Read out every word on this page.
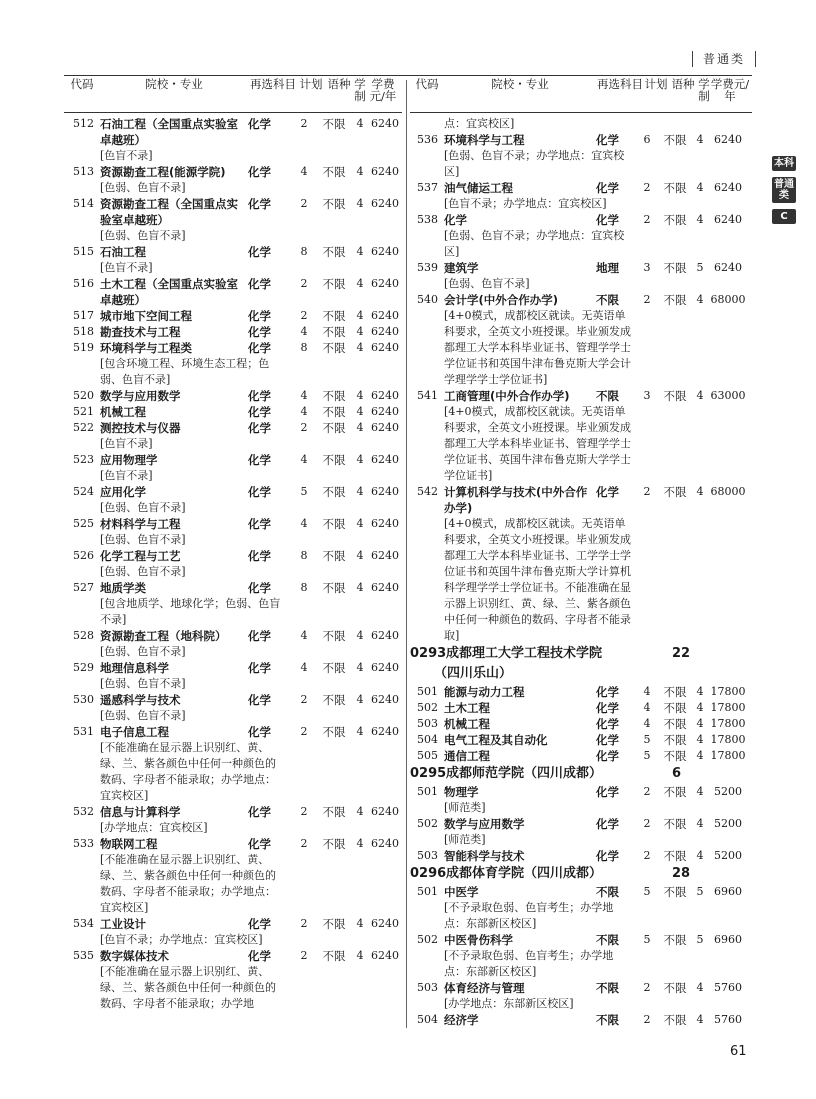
普通类
代码	院校・专业	再选科目 计划 语种 学制
学费元/年
512 石油工程（全国重点实验室卓越班）
化学	2	不限	4 6240
[色盲不录]
513 资源勘查工程(能源学院)	化学	4	不限	4 6240
[色弱、色盲不录]
514 资源勘查工程（全国重点实验室卓越班）
化学	2	不限	4 6240
[色弱、色盲不录]
515 石油工程	化学	8	不限	4 6240
[色盲不录]
516 土木工程（全国重点实验室卓越班）
化学	2	不限	4 6240
517 城市地下空间工程	化学	2	不限	4 6240
518 勘查技术与工程	化学	4	不限	4 6240
519 环境科学与工程类	化学	8	不限	4 6240
[包含环境工程、环境生态工程；色弱、色盲不录]
520 数学与应用数学	化学	4	不限	4 6240
521 机械工程	化学	4	不限	4 6240
522 测控技术与仪器	化学	2	不限	4 6240
[色盲不录]
523 应用物理学	化学	4	不限	4 6240
[色盲不录]
524 应用化学	化学	5	不限	4 6240
[色弱、色盲不录]
525 材料科学与工程	化学	4	不限	4 6240
[色弱、色盲不录]
526 化学工程与工艺	化学	8	不限	4 6240
[色弱、色盲不录]
527 地质学类	化学	8	不限	4 6240
[包含地质学、地球化学；色弱、色盲不录]
528 资源勘查工程（地科院）	化学	4	不限	4 6240
[色弱、色盲不录]
529 地理信息科学	化学	4	不限	4 6240
[色弱、色盲不录]
530 遥感科学与技术	化学	2	不限	4 6240
[色弱、色盲不录]
531 电子信息工程	化学	2	不限	4 6240
[不能准确在显示器上识别红、黄、绿、兰、紫各颜色中任何一种颜色的数码、字母者不能录取；办学地点：宜宾校区]
532 信息与计算科学	化学	2	不限	4 6240
[办学地点：宜宾校区]
533 物联网工程	化学	2	不限	4 6240
[不能准确在显示器上识别红、黄、绿、兰、紫各颜色中任何一种颜色的数码、字母者不能录取；办学地点：宜宾校区]
534 工业设计	化学	2	不限	4 6240
[色盲不录；办学地点：宜宾校区]
535 数字媒体技术	化学	2	不限	4 6240
[不能准确在显示器上识别红、黄、绿、兰、紫各颜色中任何一种颜色的数码、字母者不能录取；办学地
代码	院校・专业	再选科目 计划 语种 学制
学费元/年
点：宜宾校区]
536 环境科学与工程	化学	6	不限 4 6240
[色弱、色盲不录；办学地点：宜宾校区]
537 油气储运工程	化学	2	不限 4 6240
[色盲不录；办学地点：宜宾校区]
538 化学	化学	2	不限 4 6240
[色弱、色盲不录；办学地点：宜宾校区]
539 建筑学	地理	3	不限 5 6240
[色弱、色盲不录]
540 会计学(中外合作办学)	不限	2	不限 4 68000
[4+0模式，成都校区就读。无英语单科要求，全英文小班授课。毕业颁发成都理工大学本科毕业证书、管理学学士学位证书和英国牛津布鲁克斯大学会计学理学学士学位证书]
541 工商管理(中外合作办学)	不限	3	不限 4 63000
[4+0模式，成都校区就读。无英语单科要求，全英文小班授课。毕业颁发成都理工大学本科毕业证书、管理学学士学位证书、英国牛津布鲁克斯大学学士学位证书]
542 计算机科学与技术(中外合作办学)
化学	2	不限 4 68000
[4+0模式，成都校区就读。无英语单科要求，全英文小班授课。毕业颁发成都理工大学本科毕业证书、工学学士学位证书和英国牛津布鲁克斯大学计算机科学理学学士学位证书。不能准确在显示器上识别红、黄、绿、兰、紫各颜色中任何一种颜色的数码、字母者不能录取]
0293 成都理工大学工程技术学院	22
（四川乐山）
501 能源与动力工程	化学	4	不限 4 17800
502 土木工程	化学	4	不限 4 17800
503 机械工程	化学	4	不限 4 17800
504 电气工程及其自动化	化学	5	不限 4 17800
505 通信工程	化学	5	不限 4 17800
0295 成都师范学院（四川成都）	6
501 物理学	化学	2	不限 4 5200
[师范类]
502 数学与应用数学	化学	2	不限 4 5200
[师范类]
503 智能科学与技术	化学	2	不限 4 5200
0296 成都体育学院（四川成都）	28
501 中医学	不限	5	不限 5 6960
[不予录取色弱、色盲考生；办学地点：东部新区校区]
502 中医骨伤科学	不限	5	不限 5 6960
[不予录取色弱、色盲考生；办学地点：东部新区校区]
503 体育经济与管理	不限	2	不限 4 5760
[办学地点：东部新区校区]
504 经济学	不限	2	不限 4 5760
本科
普通类
C
61
